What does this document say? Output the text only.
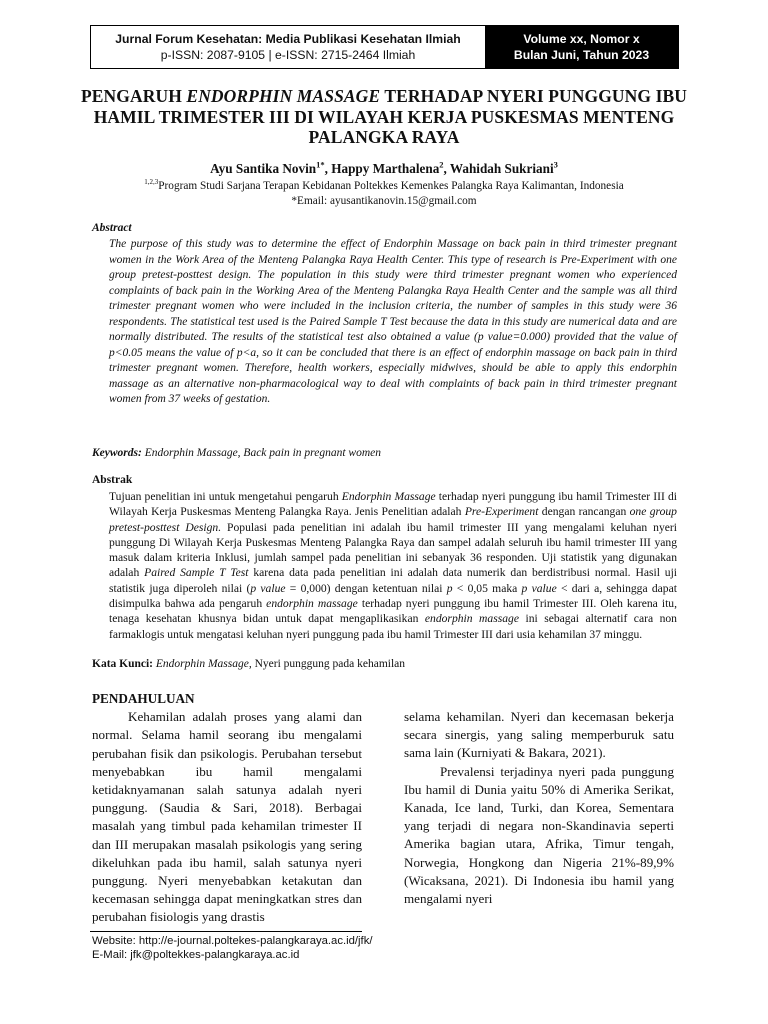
Jurnal Forum Kesehatan: Media Publikasi Kesehatan Ilmiah
p-ISSN: 2087-9105 | e-ISSN: 2715-2464 Ilmiah
Volume xx, Nomor x
Bulan Juni, Tahun 2023
PENGARUH ENDORPHIN MASSAGE TERHADAP NYERI PUNGGUNG IBU HAMIL TRIMESTER III DI WILAYAH KERJA PUSKESMAS MENTENG PALANGKA RAYA
Ayu Santika Novin$^{1*}$, Happy Marthalena$^2$, Wahidah Sukriani$^3$
$^{1,2,3}$Program Studi Sarjana Terapan Kebidanan Poltekkes Kemenkes Palangka Raya Kalimantan, Indonesia
*Email: ayusantikanovin.15@gmail.com
Abstract
The purpose of this study was to determine the effect of Endorphin Massage on back pain in third trimester pregnant women in the Work Area of the Menteng Palangka Raya Health Center. This type of research is Pre-Experiment with one group pretest-posttest design. The population in this study were third trimester pregnant women who experienced complaints of back pain in the Working Area of the Menteng Palangka Raya Health Center and the sample was all third trimester pregnant women who were included in the inclusion criteria, the number of samples in this study were 36 respondents. The statistical test used is the Paired Sample T Test because the data in this study are numerical data and are normally distributed. The results of the statistical test also obtained a value (p value=0.000) provided that the value of p<0.05 means the value of p<a, so it can be concluded that there is an effect of endorphin massage on back pain in third trimester pregnant women. Therefore, health workers, especially midwives, should be able to apply this endorphin massage as an alternative non-pharmacological way to deal with complaints of back pain in third trimester pregnant women from 37 weeks of gestation.
Keywords: Endorphin Massage, Back pain in pregnant women
Abstrak
Tujuan penelitian ini untuk mengetahui pengaruh Endorphin Massage terhadap nyeri punggung ibu hamil Trimester III di Wilayah Kerja Puskesmas Menteng Palangka Raya. Jenis Penelitian adalah Pre-Experiment dengan rancangan one group pretest-posttest Design. Populasi pada penelitian ini adalah ibu hamil trimester III yang mengalami keluhan nyeri punggung Di Wilayah Kerja Puskesmas Menteng Palangka Raya dan sampel adalah seluruh ibu hamil trimester III yang masuk dalam kriteria Inklusi, jumlah sampel pada penelitian ini sebanyak 36 responden. Uji statistik yang digunakan adalah Paired Sample T Test karena data pada penelitian ini adalah data numerik dan berdistribusi normal. Hasil uji statistik juga diperoleh nilai (p value = 0,000) dengan ketentuan nilai p < 0,05 maka p value < dari a, sehingga dapat disimpulka bahwa ada pengaruh endorphin massage terhadap nyeri punggung ibu hamil Trimester III. Oleh karena itu, tenaga kesehatan khusnya bidan untuk dapat mengaplikasikan endorphin massage ini sebagai alternatif cara non farmaklogis untuk mengatasi keluhan nyeri punggung pada ibu hamil Trimester III dari usia kehamilan 37 minggu.
Kata Kunci: Endorphin Massage, Nyeri punggung pada kehamilan
PENDAHULUAN

Kehamilan adalah proses yang alami dan normal. Selama hamil seorang ibu mengalami perubahan fisik dan psikologis. Perubahan tersebut menyebabkan ibu hamil mengalami ketidaknyamanan salah satunya adalah nyeri punggung. (Saudia & Sari, 2018). Berbagai masalah yang timbul pada kehamilan trimester II dan III merupakan masalah psikologis yang sering dikeluhkan pada ibu hamil, salah satunya nyeri punggung. Nyeri menyebabkan ketakutan dan kecemasan sehingga dapat meningkatkan stres dan perubahan fisiologis yang drastis

selama kehamilan. Nyeri dan kecemasan bekerja secara sinergis, yang saling memperburuk satu sama lain (Kurniyati & Bakara, 2021).

Prevalensi terjadinya nyeri pada punggung Ibu hamil di Dunia yaitu 50% di Amerika Serikat, Kanada, Ice land, Turki, dan Korea, Sementara yang terjadi di negara non-Skandinavia seperti Amerika bagian utara, Afrika, Timur tengah, Norwegia, Hongkong dan Nigeria 21%-89,9% (Wicaksana, 2021). Di Indonesia ibu hamil yang mengalami nyeri

Website: http://e-journal.poltekes-palangkaraya.ac.id/jfk/
E-Mail: jfk@poltekkes-palangkaraya.ac.id
